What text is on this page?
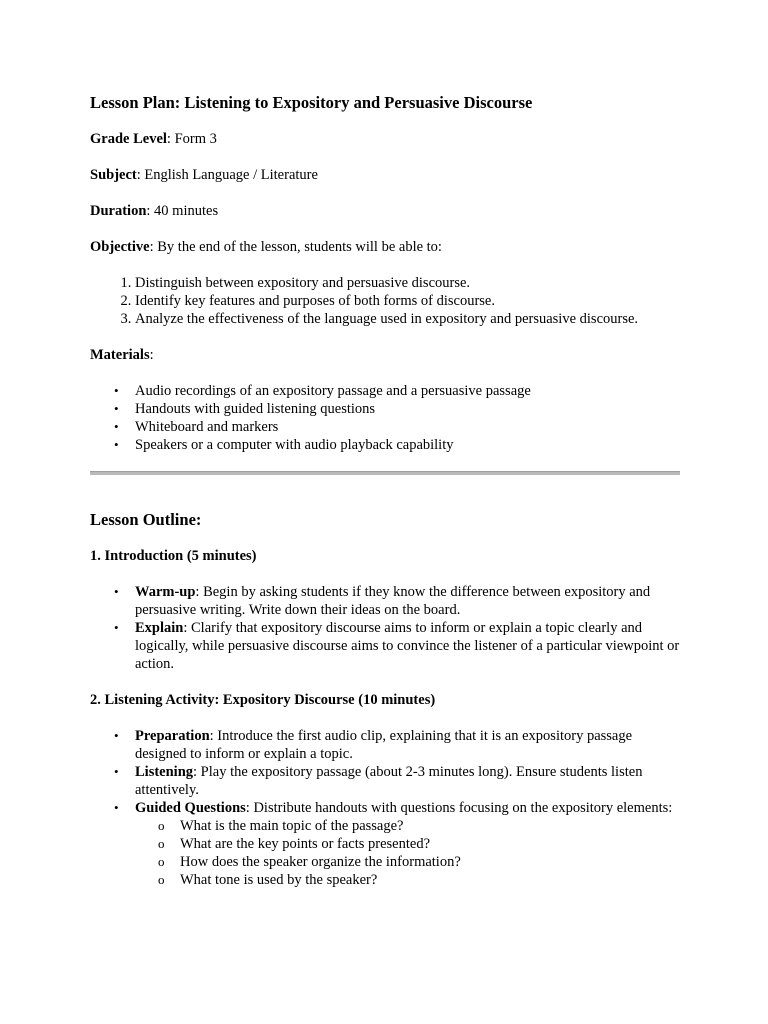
Lesson Plan: Listening to Expository and Persuasive Discourse
Grade Level: Form 3
Subject: English Language / Literature
Duration: 40 minutes
Objective: By the end of the lesson, students will be able to:
1. Distinguish between expository and persuasive discourse.
2. Identify key features and purposes of both forms of discourse.
3. Analyze the effectiveness of the language used in expository and persuasive discourse.
Materials:
• Audio recordings of an expository passage and a persuasive passage
• Handouts with guided listening questions
• Whiteboard and markers
• Speakers or a computer with audio playback capability
Lesson Outline:
1. Introduction (5 minutes)
• Warm-up: Begin by asking students if they know the difference between expository and persuasive writing. Write down their ideas on the board.
• Explain: Clarify that expository discourse aims to inform or explain a topic clearly and logically, while persuasive discourse aims to convince the listener of a particular viewpoint or action.
2. Listening Activity: Expository Discourse (10 minutes)
• Preparation: Introduce the first audio clip, explaining that it is an expository passage designed to inform or explain a topic.
• Listening: Play the expository passage (about 2-3 minutes long). Ensure students listen attentively.
• Guided Questions: Distribute handouts with questions focusing on the expository elements:
o What is the main topic of the passage?
o What are the key points or facts presented?
o How does the speaker organize the information?
o What tone is used by the speaker?
